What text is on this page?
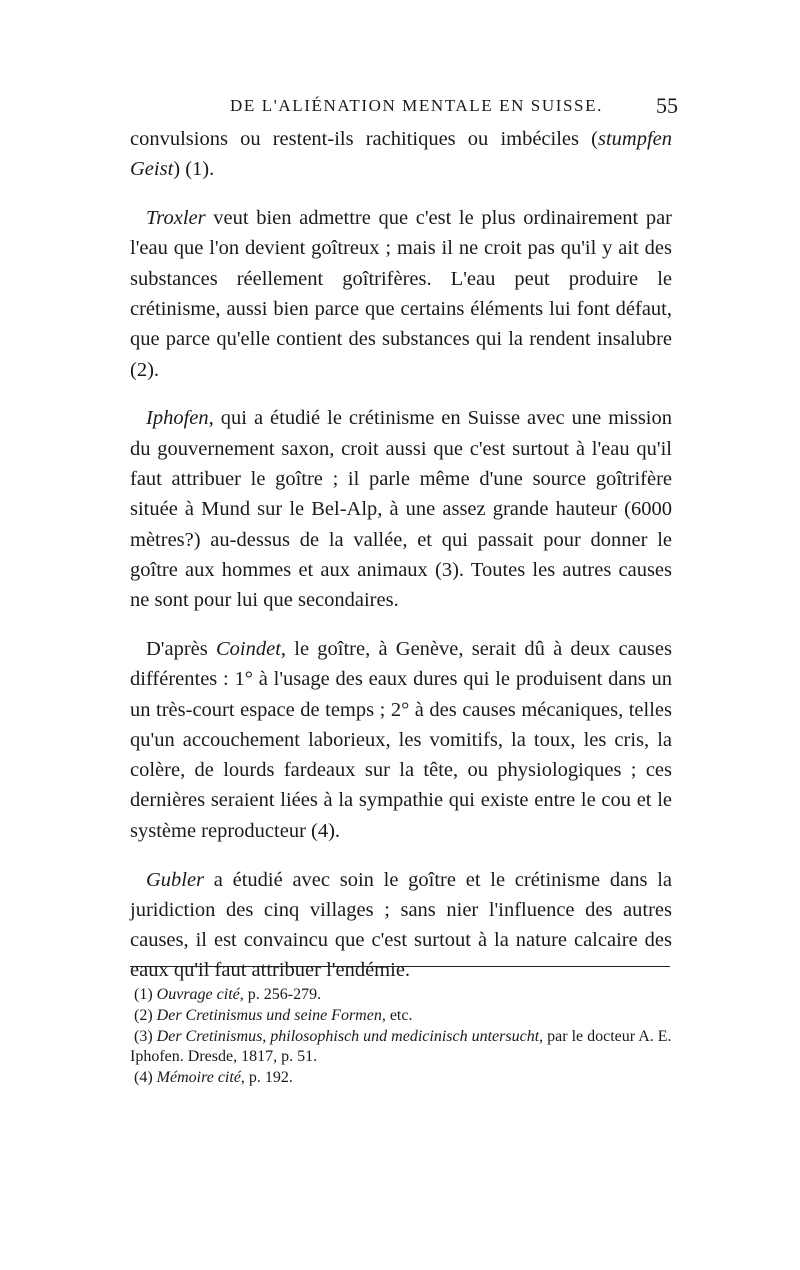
DE L'ALIÉNATION MENTALE EN SUISSE. 55

convulsions ou restent-ils rachitiques ou imbéciles (stumpfen Geist) (1).

Troxler veut bien admettre que c'est le plus ordinairement par l'eau que l'on devient goîtreux ; mais il ne croit pas qu'il y ait des substances réellement goîtrifères. L'eau peut produire le crétinisme, aussi bien parce que certains éléments lui font défaut, que parce qu'elle contient des substances qui la rendent insalubre (2).

Iphofen, qui a étudié le crétinisme en Suisse avec une mission du gouvernement saxon, croit aussi que c'est surtout à l'eau qu'il faut attribuer le goître ; il parle même d'une source goîtrifère située à Mund sur le Bel-Alp, à une assez grande hauteur (6000 mètres?) au-dessus de la vallée, et qui passait pour donner le goître aux hommes et aux animaux (3). Toutes les autres causes ne sont pour lui que secondaires.

D'après Coindet, le goître, à Genève, serait dû à deux causes différentes : 1° à l'usage des eaux dures qui le produisent dans un un très-court espace de temps ; 2° à des causes mécaniques, telles qu'un accouchement laborieux, les vomitifs, la toux, les cris, la colère, de lourds fardeaux sur la tête, ou physiologiques ; ces dernières seraient liées à la sympathie qui existe entre le cou et le système reproducteur (4).

Gubler a étudié avec soin le goître et le crétinisme dans la juridiction des cinq villages ; sans nier l'influence des autres causes, il est convaincu que c'est surtout à la nature calcaire des eaux qu'il faut attribuer l'endémie.

(1) Ouvrage cité, p. 256-279.

(2) Der Cretinismus und seine Formen, etc.

(3) Der Cretinismus, philosophisch und medicinisch untersucht, par le docteur A. E. Iphofen. Dresde, 1817, p. 51.

(4) Mémoire cité, p. 192.
